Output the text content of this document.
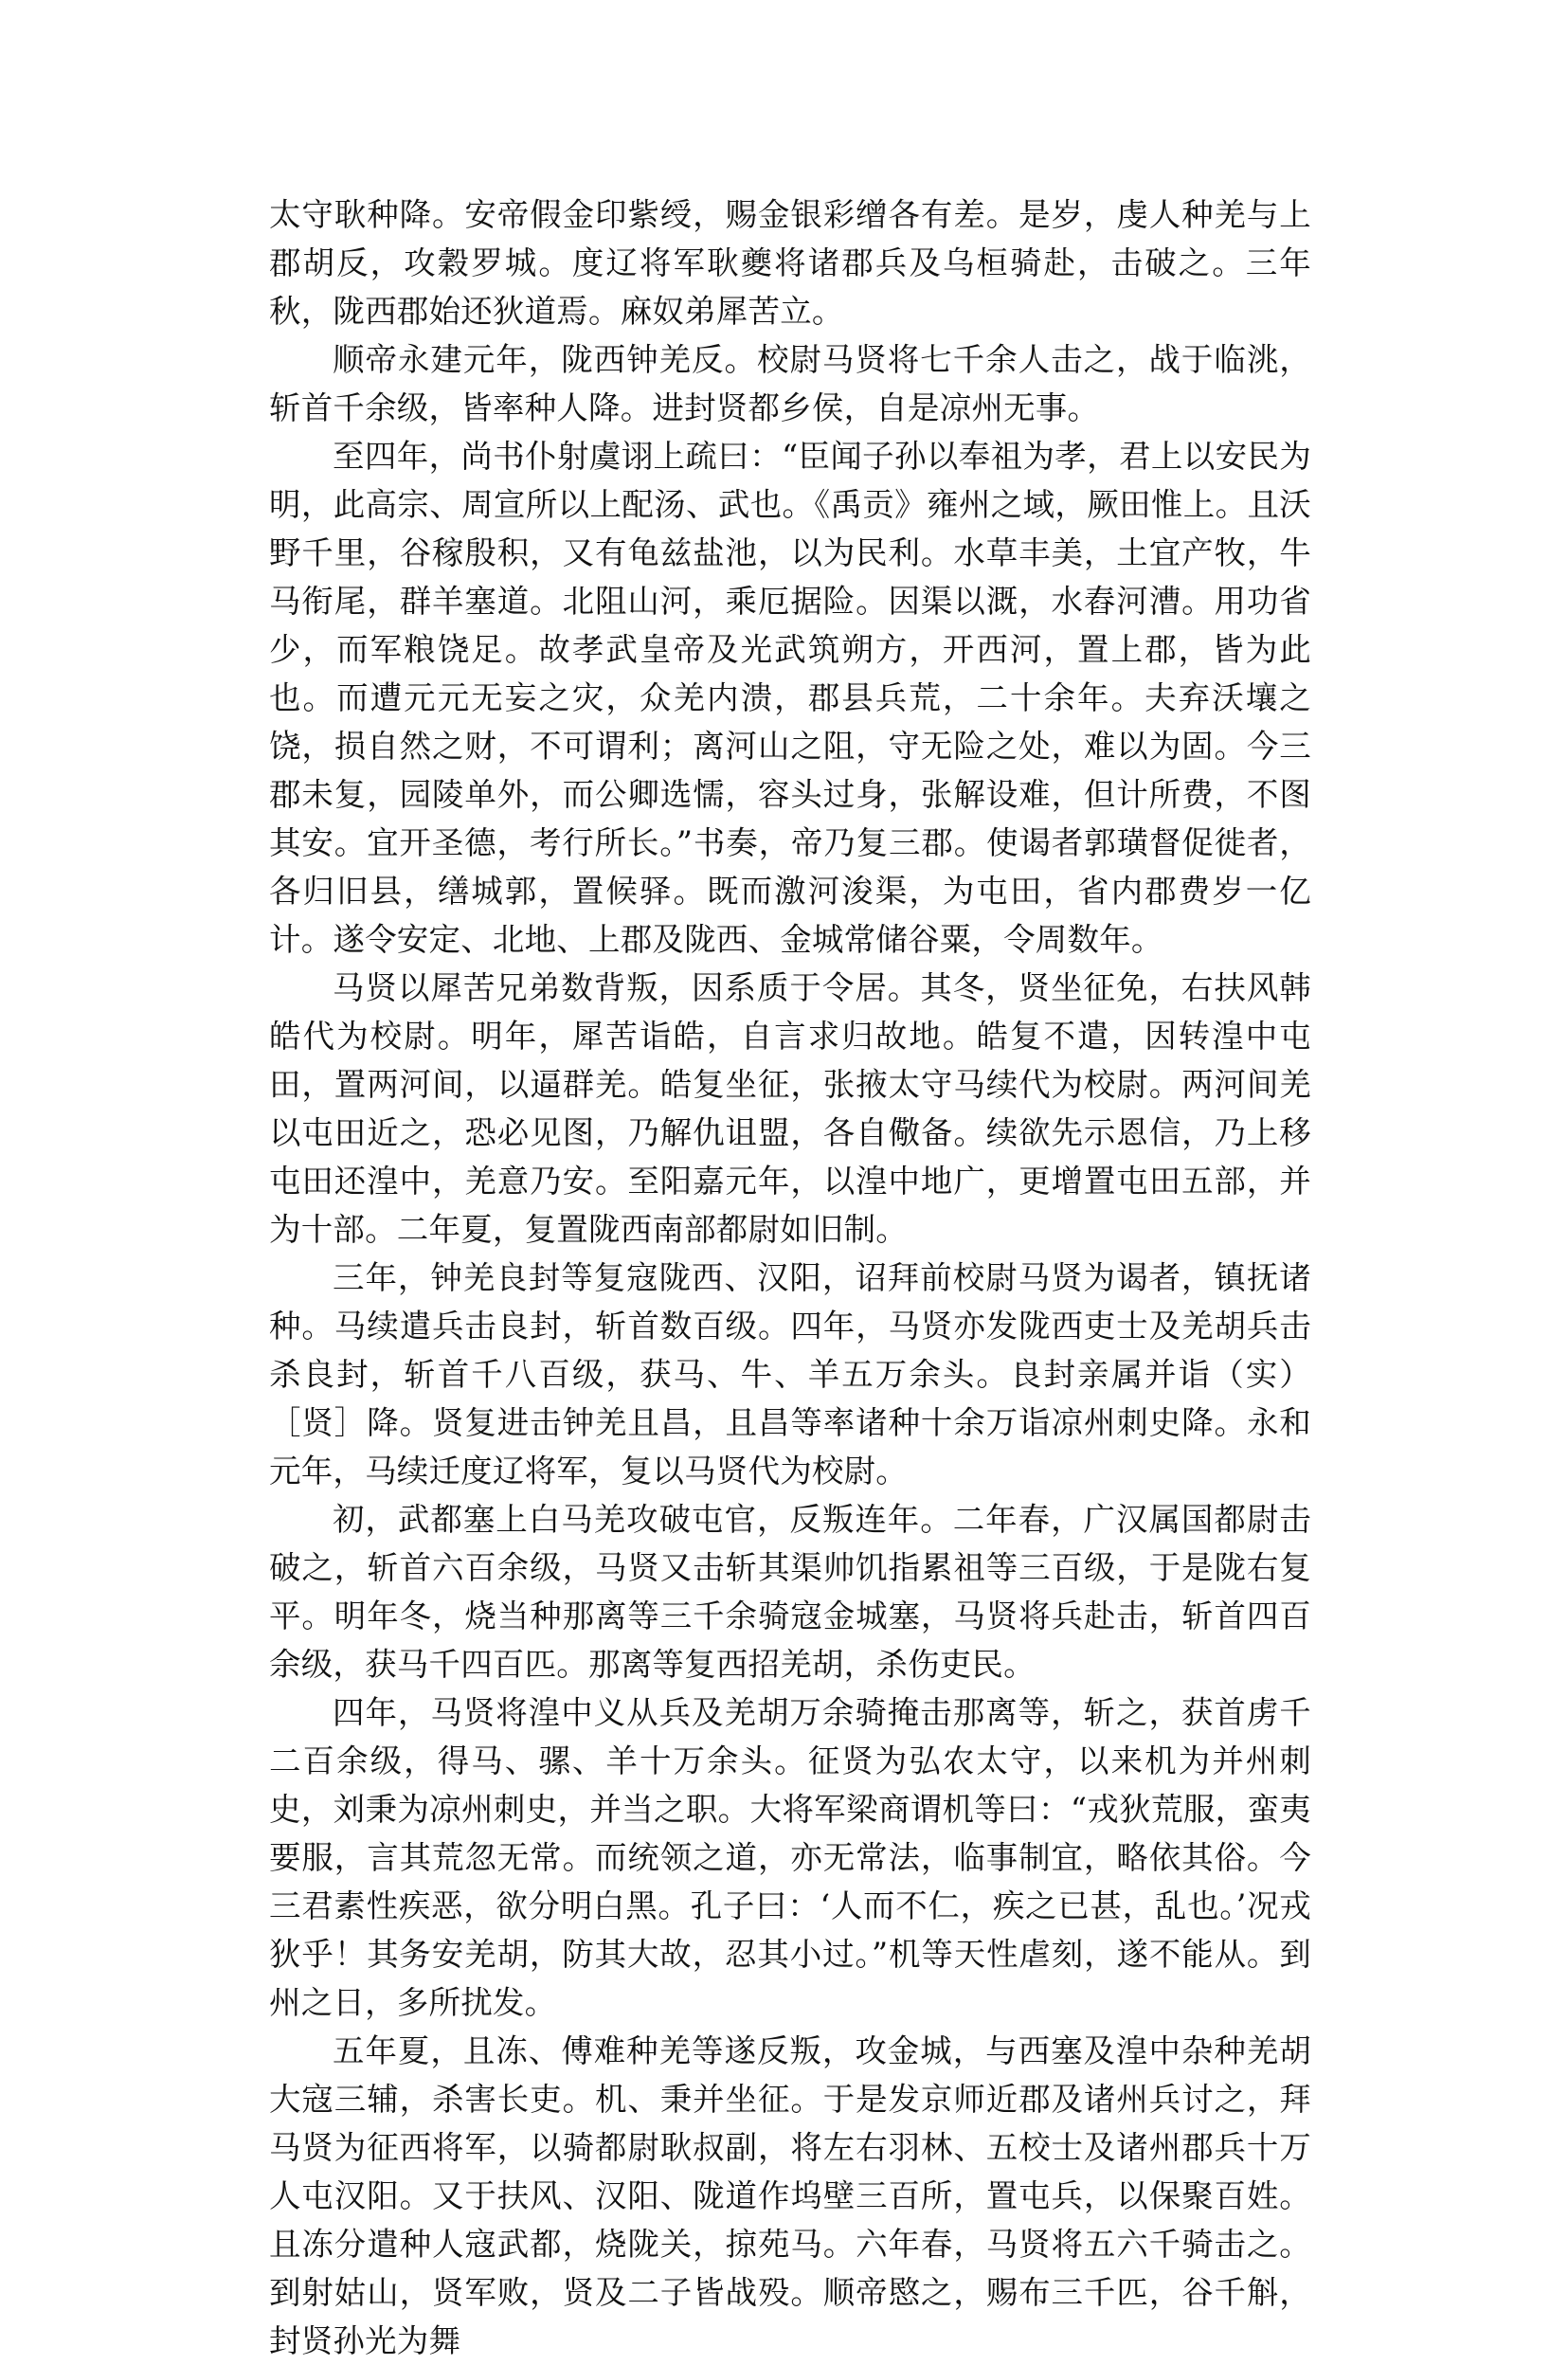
太守耿种降。安帝假金印紫绶，赐金银彩缯各有差。是岁，虔人种羌与上郡胡反，攻穀罗城。度辽将军耿夔将诸郡兵及乌桓骑赴，击破之。三年秋，陇西郡始还狄道焉。麻奴弟犀苦立。

顺帝永建元年，陇西钟羌反。校尉马贤将七千余人击之，战于临洮，斩首千余级，皆率种人降。进封贤都乡侯，自是凉州无事。

至四年，尚书仆射虞诩上疏曰：“臣闻子孙以奉祖为孝，君上以安民为明，此高宗、周宣所以上配汤、武也。《禹贡》雍州之域，厥田惟上。且沃野千里，谷稼殷积，又有龟兹盐池，以为民利。水草丰美，土宜产牧，牛马衔尾，群羊塞道。北阻山河，乘厄据险。因渠以溉，水舂河漕。用功省少，而军粮饶足。故孝武皇帝及光武筑朔方，开西河，置上郡，皆为此也。而遭元元无妄之灾，众羌内溃，郡县兵荒，二十余年。夫弃沃壤之饶，损自然之财，不可谓利；离河山之阻，守无险之处，难以为固。今三郡未复，园陵单外，而公卿选懦，容头过身，张解设难，但计所费，不图其安。宜开圣德，考行所长。”书奏，帝乃复三郡。使谒者郭璜督促徙者，各归旧县，缮城郭，置候驿。既而激河浚渠，为屯田，省内郡费岁一亿计。遂令安定、北地、上郡及陇西、金城常储谷粟，令周数年。

马贤以犀苦兄弟数背叛，因系质于令居。其冬，贤坐征免，右扶风韩皓代为校尉。明年，犀苦诣皓，自言求归故地。皓复不遣，因转湟中屯田，置两河间，以逼群羌。皓复坐征，张掖太守马续代为校尉。两河间羌以屯田近之，恐必见图，乃解仇诅盟，各自儆备。续欲先示恩信，乃上移屯田还湟中，羌意乃安。至阳嘉元年，以湟中地广，更增置屯田五部，并为十部。二年夏，复置陇西南部都尉如旧制。

三年，钟羌良封等复寇陇西、汉阳，诏拜前校尉马贤为谒者，镇抚诸种。马续遣兵击良封，斩首数百级。四年，马贤亦发陇西吏士及羌胡兵击杀良封，斩首千八百级，获马、牛、羊五万余头。良封亲属并诣（实）［贤］降。贤复进击钟羌且昌，且昌等率诸种十余万诣凉州刺史降。永和元年，马续迁度辽将军，复以马贤代为校尉。

初，武都塞上白马羌攻破屯官，反叛连年。二年春，广汉属国都尉击破之，斩首六百余级，马贤又击斩其渠帅饥指累祖等三百级，于是陇右复平。明年冬，烧当种那离等三千余骑寇金城塞，马贤将兵赴击，斩首四百余级，获马千四百匹。那离等复西招羌胡，杀伤吏民。

四年，马贤将湟中义从兵及羌胡万余骑掩击那离等，斩之，获首虏千二百余级，得马、骡、羊十万余头。征贤为弘农太守，以来机为并州刺史，刘秉为凉州刺史，并当之职。大将军梁商谓机等曰：“戎狄荒服，蛮夷要服，言其荒忽无常。而统领之道，亦无常法，临事制宜，略依其俗。今三君素性疾恶，欲分明白黑。孔子曰：‘人而不仁，疾之已甚，乱也。’况戎狄乎！其务安羌胡，防其大故，忍其小过。”机等天性虐刻，遂不能从。到州之日，多所扰发。

五年夏，且冻、傅难种羌等遂反叛，攻金城，与西塞及湟中杂种羌胡大寇三辅，杀害长吏。机、秉并坐征。于是发京师近郡及诸州兵讨之，拜马贤为征西将军，以骑都尉耿叔副，将左右羽林、五校士及诸州郡兵十万人屯汉阳。又于扶风、汉阳、陇道作坞壁三百所，置屯兵，以保聚百姓。且冻分遣种人寇武都，烧陇关，掠苑马。六年春，马贤将五六千骑击之。到射姑山，贤军败，贤及二子皆战殁。顺帝愍之，赐布三千匹，谷千斛，封贤孙光为舞
